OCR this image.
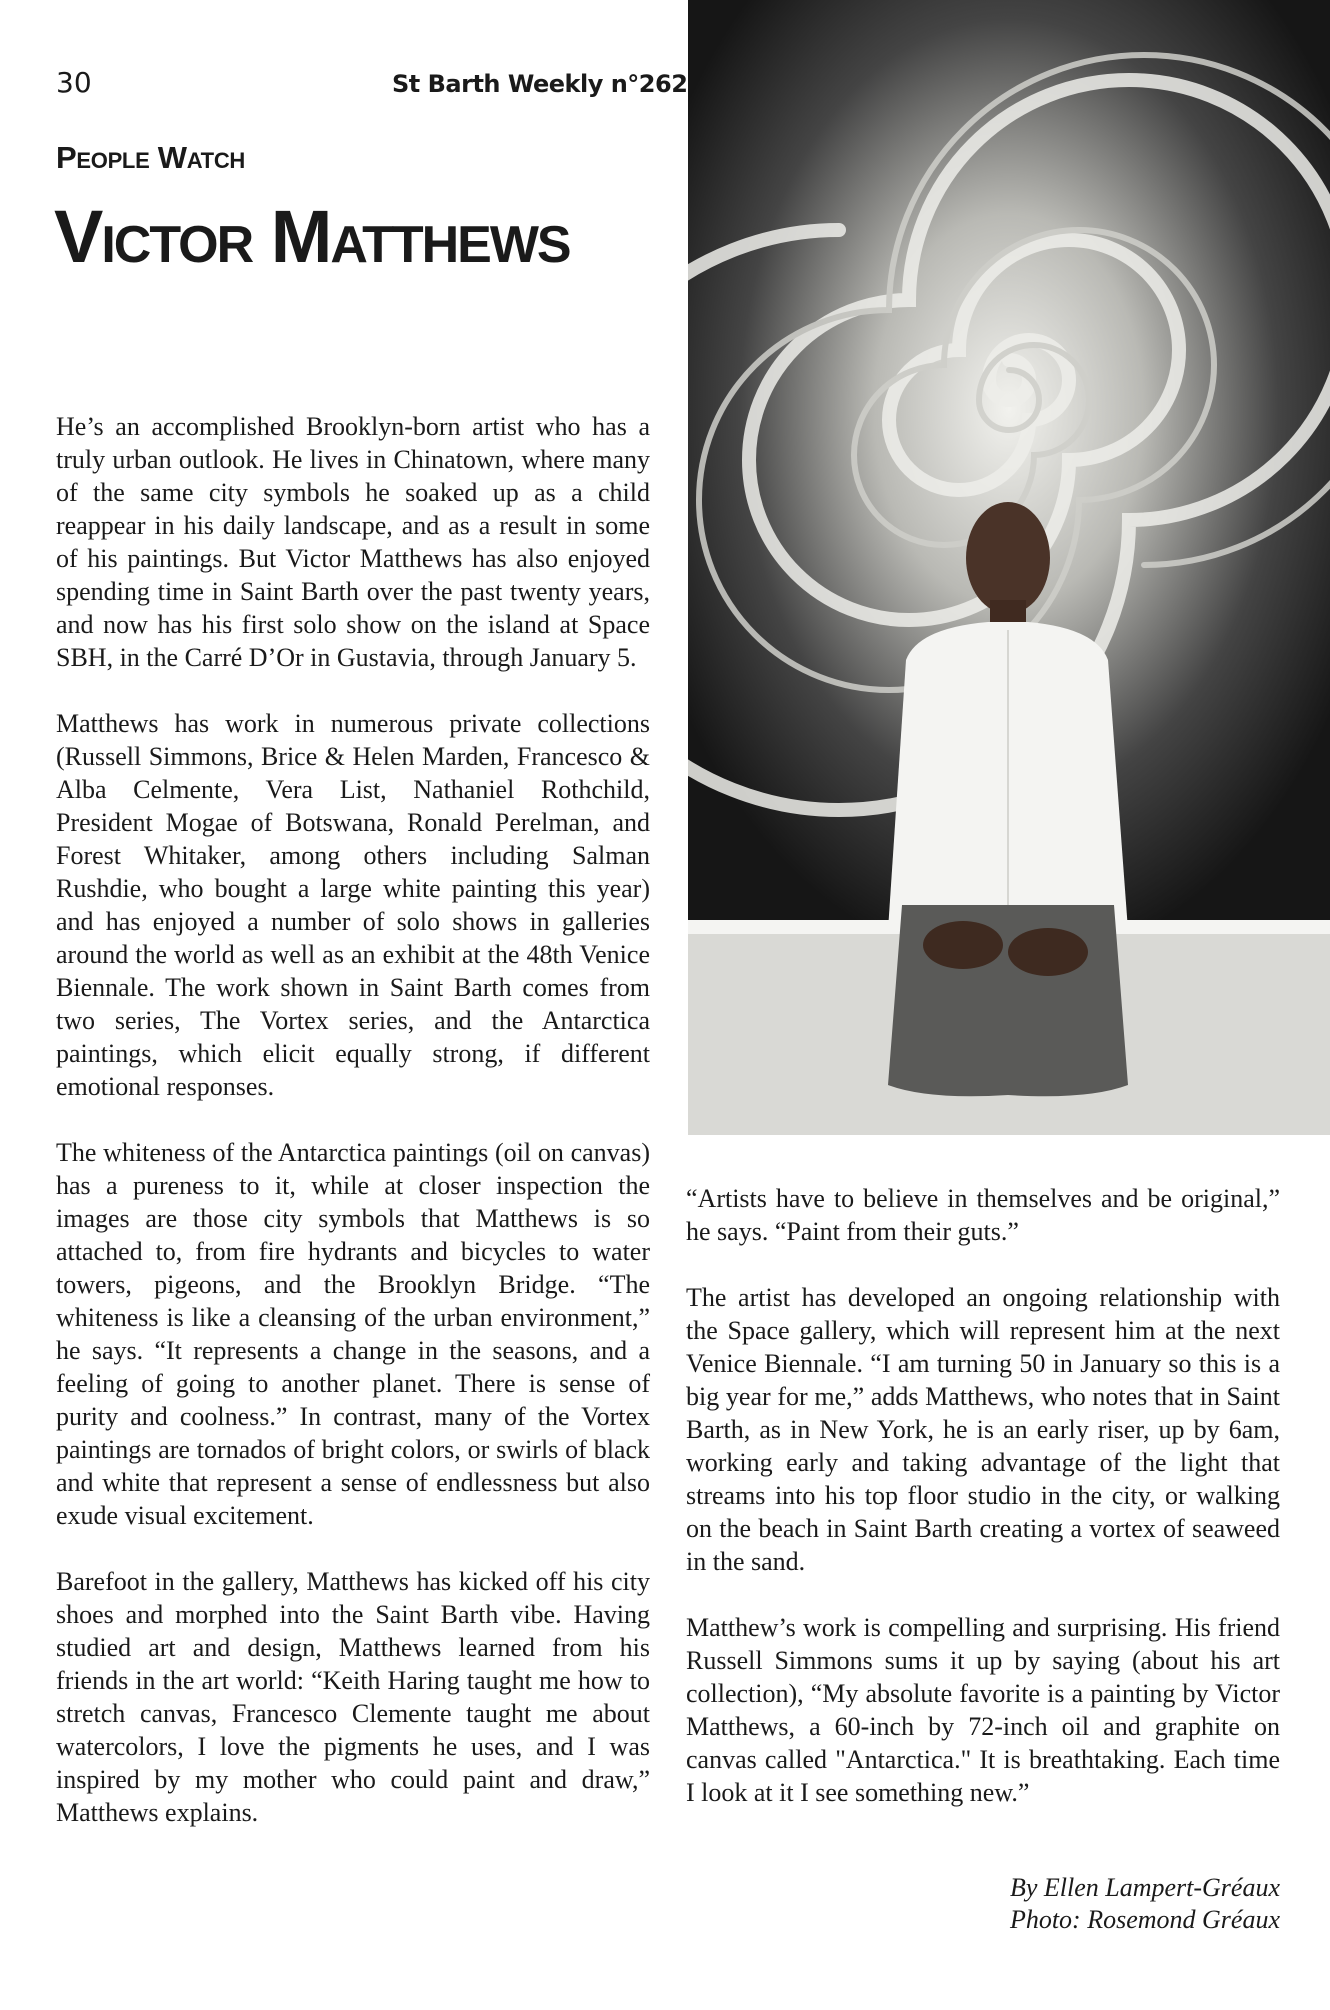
30	St Barth Weekly n°262
People Watch
Victor Matthews

He’s an accomplished Brooklyn-born artist who has a truly urban outlook. He lives in Chinatown, where many of the same city symbols he soaked up as a child reappear in his daily landscape, and as a result in some of his paintings. But Victor Matthews has also enjoyed spending time in Saint Barth over the past twenty years, and now has his first solo show on the island at Space SBH, in the Carré D’Or in Gustavia, through January 5.

Matthews has work in numerous private collections (Russell Simmons, Brice & Helen Marden, Francesco & Alba Celmente, Vera List, Nathaniel Rothchild, President Mogae of Botswana, Ronald Perelman, and Forest Whitaker, among others including Salman Rushdie, who bought a large white painting this year) and has enjoyed a number of solo shows in galleries around the world as well as an exhibit at the 48th Venice Biennale. The work shown in Saint Barth comes from two series, The Vortex series, and the Antarctica paintings, which elicit equally strong, if different emotional responses.

The whiteness of the Antarctica paintings (oil on canvas) has a pureness to it, while at closer inspection the images are those city symbols that Matthews is so attached to, from fire hydrants and bicycles to water towers, pigeons, and the Brooklyn Bridge. “The whiteness is like a cleansing of the urban environment,” he says. “It represents a change in the seasons, and a feeling of going to another planet. There is sense of purity and coolness.” In contrast, many of the Vortex paintings are tornados of bright colors, or swirls of black and white that represent a sense of endlessness but also exude visual excitement.

Barefoot in the gallery, Matthews has kicked off his city shoes and morphed into the Saint Barth vibe. Having studied art and design, Matthews learned from his friends in the art world: “Keith Haring taught me how to stretch canvas, Francesco Clemente taught me about watercolors, I love the pigments he uses, and I was inspired by my mother who could paint and draw,” Matthews explains.

“Artists have to believe in themselves and be original,” he says. “Paint from their guts.”

The artist has developed an ongoing relationship with the Space gallery, which will represent him at the next Venice Biennale. “I am turning 50 in January so this is a big year for me,” adds Matthews, who notes that in Saint Barth, as in New York, he is an early riser, up by 6am, working early and taking advantage of the light that streams into his top floor studio in the city, or walking on the beach in Saint Barth creating a vortex of seaweed in the sand.

Matthew’s work is compelling and surprising. His friend Russell Simmons sums it up by saying (about his art collection), “My absolute favorite is a painting by Victor Matthews, a 60-inch by 72-inch oil and graphite on canvas called "Antarctica." It is breathtaking. Each time I look at it I see something new.”

By Ellen Lampert-Gréaux
Photo: Rosemond Gréaux
